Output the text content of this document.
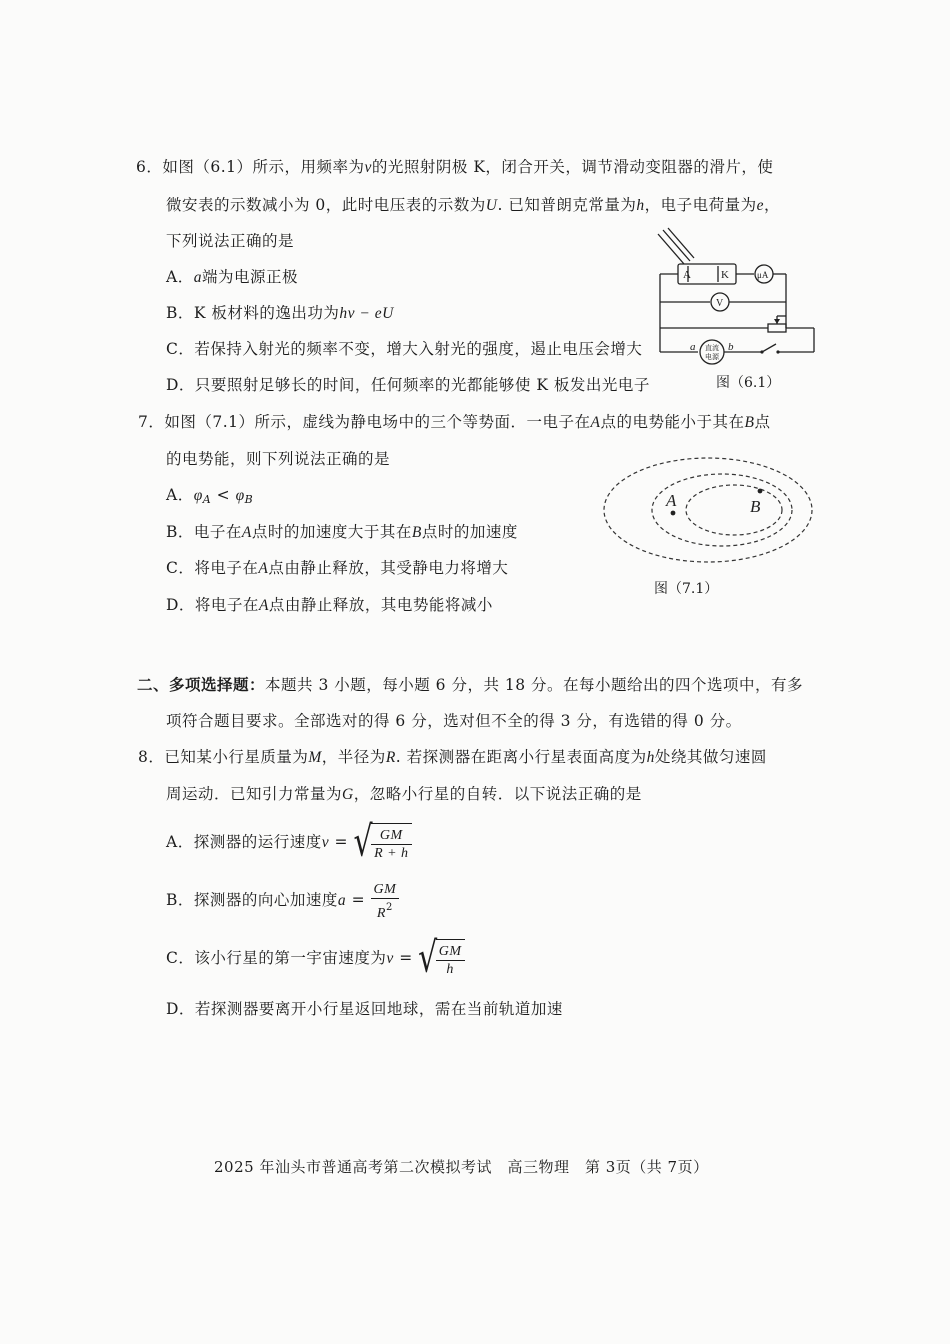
6．如图（6.1）所示，用频率为ν的光照射阴极 K，闭合开关，调节滑动变阻器的滑片，使
微安表的示数减小为 0，此时电压表的示数为U. 已知普朗克常量为h，电子电荷量为e，
下列说法正确的是
A．a端为电源正极
B．K 板材料的逸出功为hν − eU
C．若保持入射光的频率不变，增大入射光的强度，遏止电压会增大
D．只要照射足够长的时间，任何频率的光都能够使 K 板发出光电子
A	K	μA
V
a	b
直流
电源
图（6.1）
7．如图（7.1）所示，虚线为静电场中的三个等势面．一电子在A点的电势能小于其在B点
的电势能，则下列说法正确的是
A．$\varphi_A < \varphi_B$
B．电子在A点时的加速度大于其在B点时的加速度
C．将电子在A点由静止释放，其受静电力将增大
D．将电子在A点由静止释放，其电势能将减小
A	B
图（7.1）
二、多项选择题：本题共 3 小题，每小题 6 分，共 18 分。在每小题给出的四个选项中，有多
项符合题目要求。全部选对的得 6 分，选对但不全的得 3 分，有选错的得 0 分。
8．已知某小行星质量为M，半径为R. 若探测器在距离小行星表面高度为h处绕其做匀速圆
周运动．已知引力常量为G，忽略小行星的自转．以下说法正确的是
A．探测器的运行速度v = √
$\frac{GM}{R + h}$
B．探测器的向心加速度$a = \frac{GM}{R^2}$
C．该小行星的第一宇宙速度为v = √
$\frac{GM}{h}$
D．若探测器要离开小行星返回地球，需在当前轨道加速
2025 年汕头市普通高考第二次模拟考试　高三物理　第 3页（共 7页）
